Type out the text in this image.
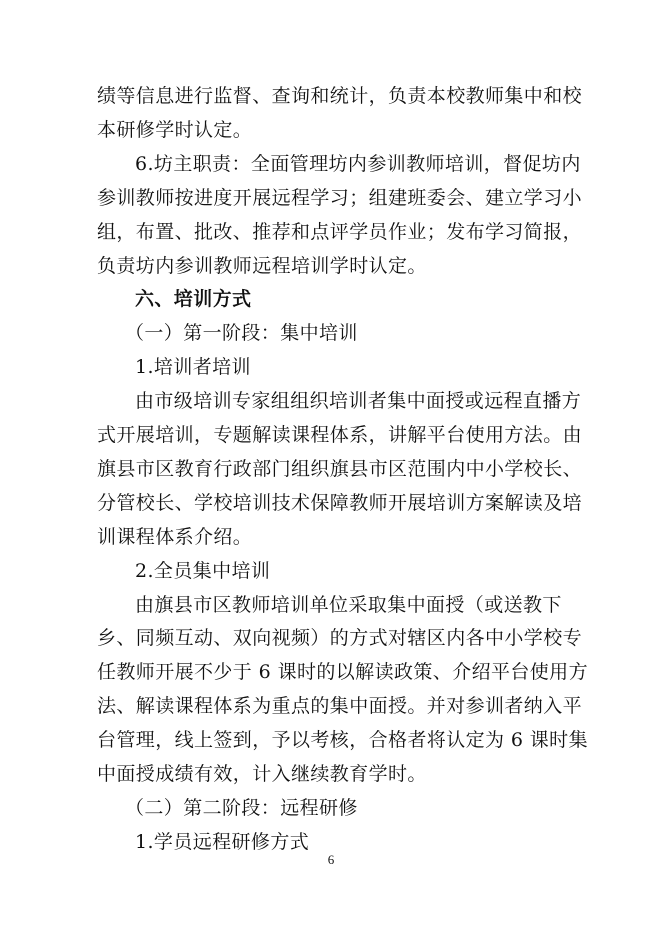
绩等信息进行监督、查询和统计，负责本校教师集中和校
本研修学时认定。
6.坊主职责：全面管理坊内参训教师培训，督促坊内
参训教师按进度开展远程学习；组建班委会、建立学习小
组，布置、批改、推荐和点评学员作业；发布学习简报，
负责坊内参训教师远程培训学时认定。
六、培训方式
（一）第一阶段：集中培训
1.培训者培训
由市级培训专家组组织培训者集中面授或远程直播方
式开展培训，专题解读课程体系，讲解平台使用方法。由
旗县市区教育行政部门组织旗县市区范围内中小学校长、
分管校长、学校培训技术保障教师开展培训方案解读及培
训课程体系介绍。
2.全员集中培训
由旗县市区教师培训单位采取集中面授（或送教下
乡、同频互动、双向视频）的方式对辖区内各中小学校专
任教师开展不少于 6 课时的以解读政策、介绍平台使用方
法、解读课程体系为重点的集中面授。并对参训者纳入平
台管理，线上签到，予以考核，合格者将认定为 6 课时集
中面授成绩有效，计入继续教育学时。
（二）第二阶段：远程研修
6
1.学员远程研修方式
